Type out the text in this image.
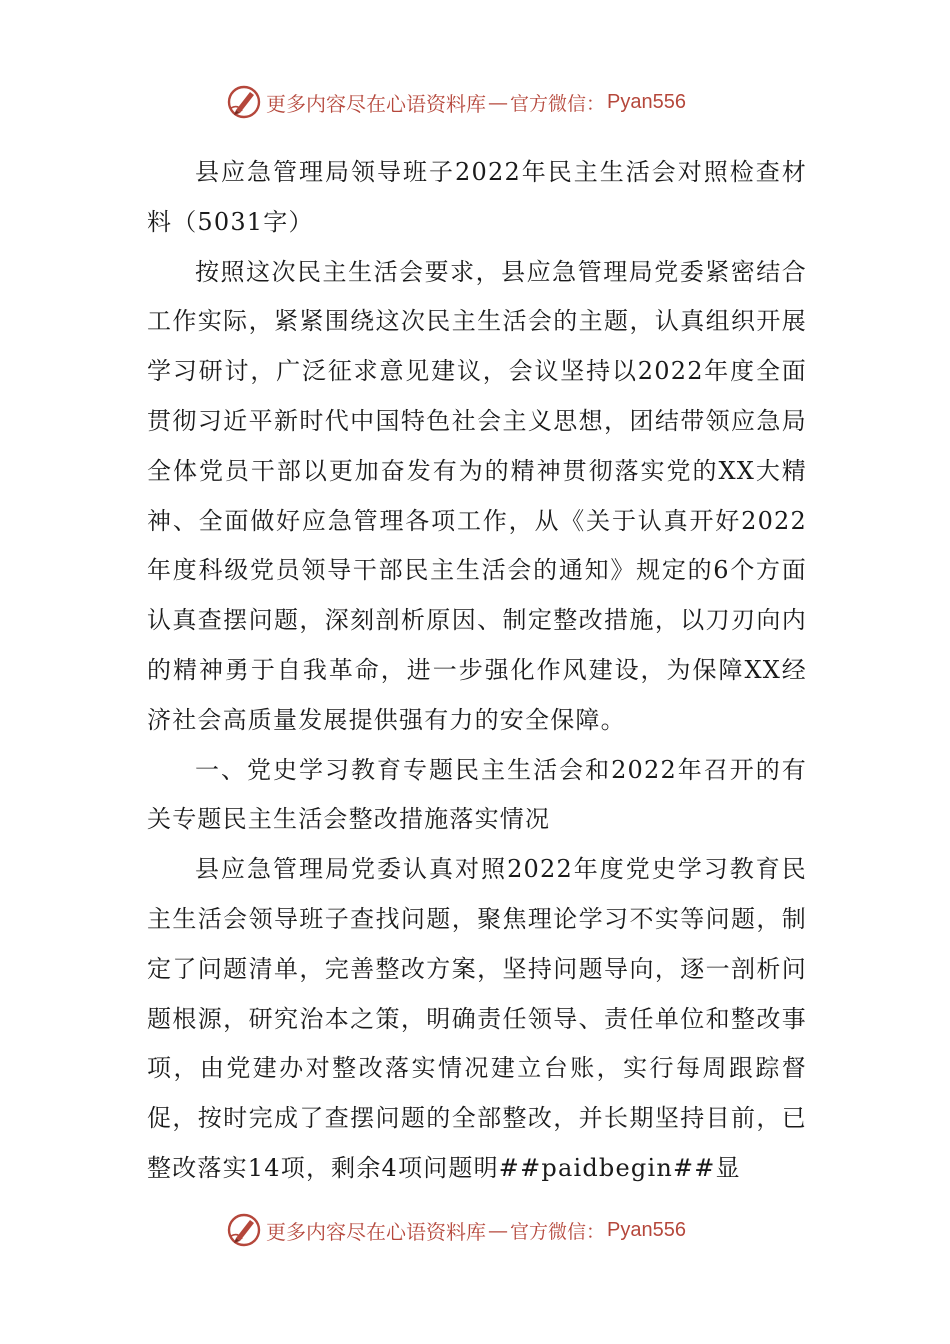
更多内容尽在心语资料库 — 官方微信： Pyan556

县应急管理局领导班子2022年民主生活会对照检查材料（5031字）

按照这次民主生活会要求，县应急管理局党委紧密结合工作实际，紧紧围绕这次民主生活会的主题，认真组织开展学习研讨，广泛征求意见建议，会议坚持以2022年度全面贯彻习近平新时代中国特色社会主义思想，团结带领应急局全体党员干部以更加奋发有为的精神贯彻落实党的XX大精神、全面做好应急管理各项工作，从《关于认真开好2022年度科级党员领导干部民主生活会的通知》规定的6个方面认真查摆问题，深刻剖析原因、制定整改措施，以刀刃向内的精神勇于自我革命，进一步强化作风建设，为保障XX经济社会高质量发展提供强有力的安全保障。

一、党史学习教育专题民主生活会和2022年召开的有关专题民主生活会整改措施落实情况

县应急管理局党委认真对照2022年度党史学习教育民主生活会领导班子查找问题，聚焦理论学习不实等问题，制定了问题清单，完善整改方案，坚持问题导向，逐一剖析问题根源，研究治本之策，明确责任领导、责任单位和整改事项，由党建办对整改落实情况建立台账，实行每周跟踪督促，按时完成了查摆问题的全部整改，并长期坚持目前，已整改落实14项，剩余4项问题明##paidbegin##显

更多内容尽在心语资料库 — 官方微信： Pyan556
